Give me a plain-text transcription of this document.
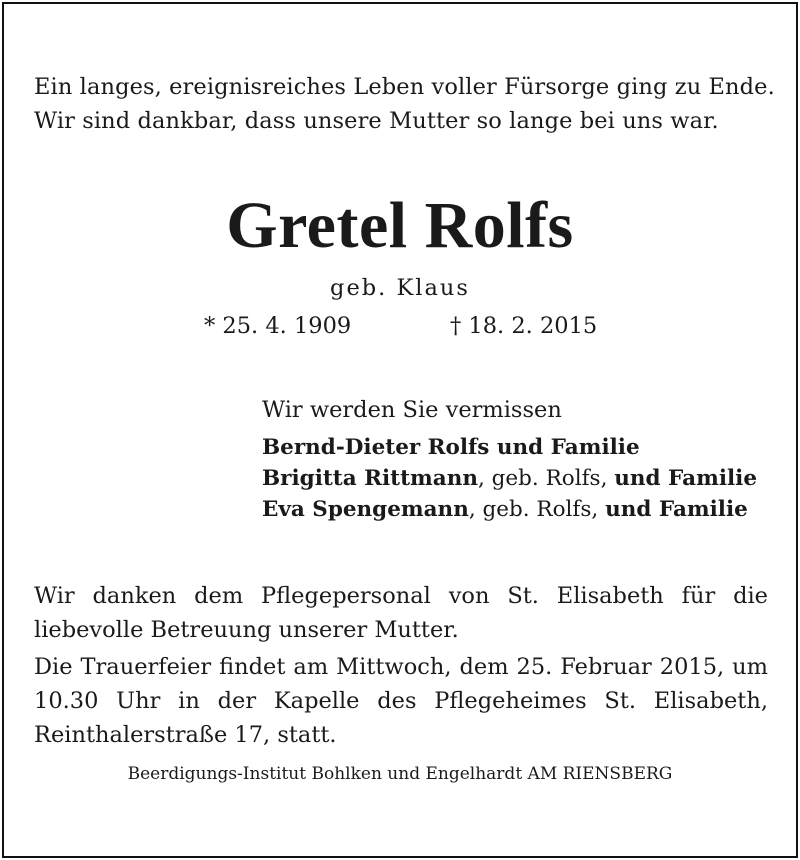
Ein langes, ereignisreiches Leben voller Fürsorge ging zu Ende.
Wir sind dankbar, dass unsere Mutter so lange bei uns war.
Gretel Rolfs
geb. Klaus
* 25. 4. 1909	† 18. 2. 2015
Wir werden Sie vermissen
Bernd-Dieter Rolfs und Familie
Brigitta Rittmann, geb. Rolfs, und Familie
Eva Spengemann, geb. Rolfs, und Familie
Wir danken dem Pflegepersonal von St. Elisabeth für die liebevolle Betreuung unserer Mutter.
Die Trauerfeier findet am Mittwoch, dem 25. Februar 2015, um 10.30 Uhr in der Kapelle des Pflegeheimes St. Elisabeth, Reinthalerstraße 17, statt.
Beerdigungs-Institut Bohlken und Engelhardt AM RIENSBERG
